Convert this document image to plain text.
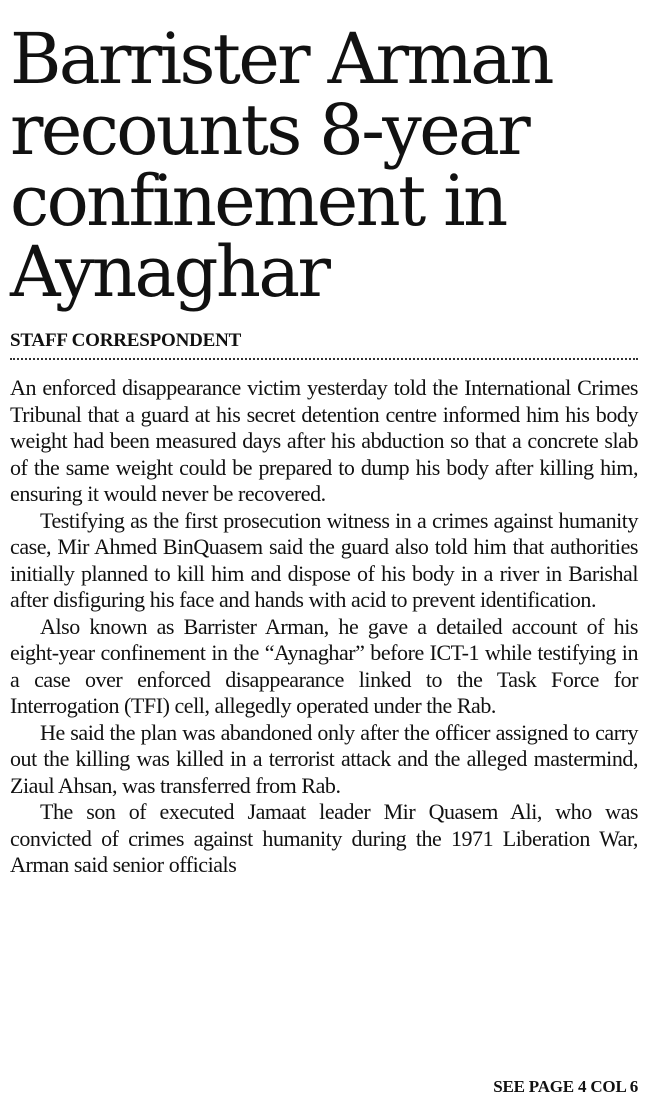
Barrister Arman
recounts 8-year
confinement in
Aynaghar
STAFF CORRESPONDENT

An enforced disappearance victim yesterday told the International Crimes Tribunal that a guard at his secret detention centre informed him his body weight had been measured days after his abduction so that a concrete slab of the same weight could be prepared to dump his body after killing him, ensuring it would never be recovered.

Testifying as the first prosecution witness in a crimes against humanity case, Mir Ahmed BinQuasem said the guard also told him that authorities initially planned to kill him and dispose of his body in a river in Barishal after disfiguring his face and hands with acid to prevent identification.

Also known as Barrister Arman, he gave a detailed account of his eight-year confinement in the “Aynaghar” before ICT-1 while testifying in a case over enforced disappearance linked to the Task Force for Interrogation (TFI) cell, allegedly operated under the Rab.

He said the plan was abandoned only after the officer assigned to carry out the killing was killed in a terrorist attack and the alleged mastermind, Ziaul Ahsan, was transferred from Rab.

The son of executed Jamaat leader Mir Quasem Ali, who was convicted of crimes against humanity during the 1971 Liberation War, Arman said senior officials

SEE PAGE 4 COL 6
